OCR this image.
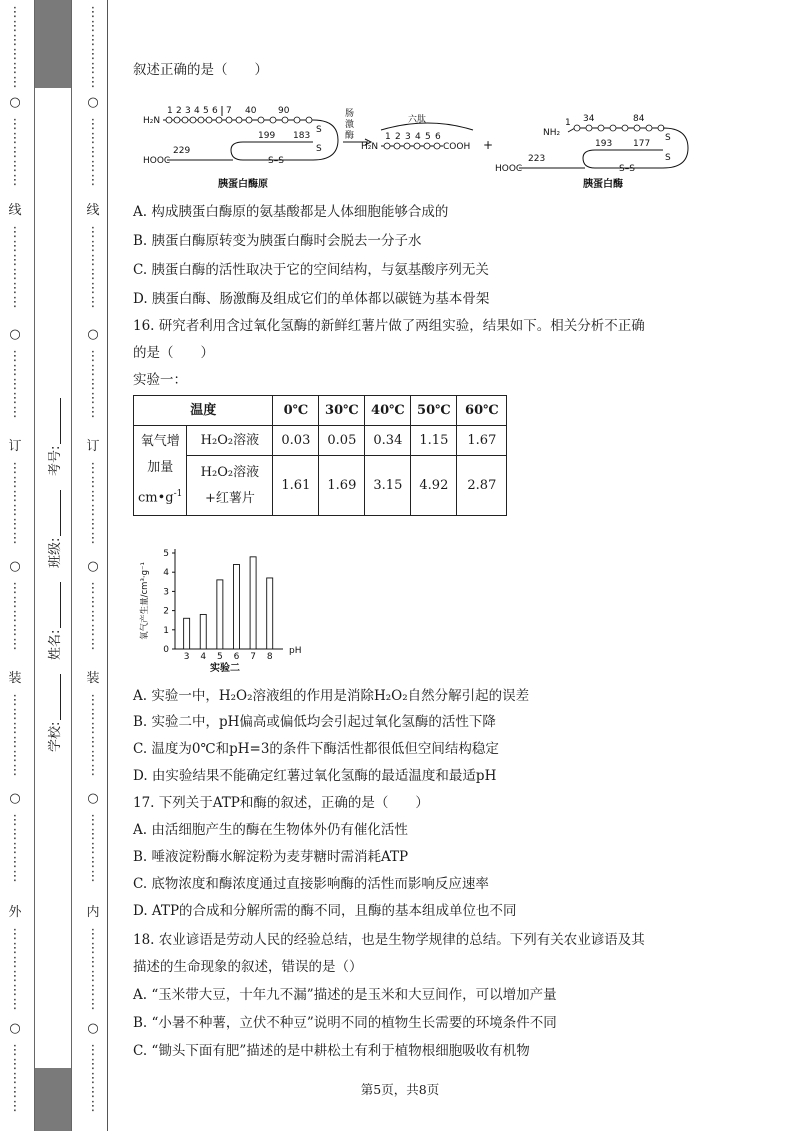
⋮
⋮
⋮
⋮
⋮
⋮
○
⋮
⋮
⋮
⋮
⋮
线
⋮
⋮
⋮
⋮
⋮
⋮
○
⋮
⋮
⋮
⋮
⋮
订
⋮
⋮
⋮
⋮
⋮
⋮
○
⋮
⋮
⋮
⋮
⋮
装
⋮
⋮
⋮
⋮
⋮
⋮
○
⋮
⋮
⋮
⋮
⋮
外
⋮
⋮
⋮
⋮
⋮
⋮
○
⋮
⋮
⋮
⋮
⋮
学校:
姓名:
班级:
考号:
⋮
⋮
⋮
⋮
⋮
⋮
○
⋮
⋮
⋮
⋮
⋮
线
⋮
⋮
⋮
⋮
⋮
⋮
○
⋮
⋮
⋮
⋮
⋮
订
⋮
⋮
⋮
⋮
⋮
⋮
○
⋮
⋮
⋮
⋮
⋮
装
⋮
⋮
⋮
⋮
⋮
⋮
○
⋮
⋮
⋮
⋮
⋮
内
⋮
⋮
⋮
⋮
⋮
⋮
○
⋮
⋮
⋮
⋮
⋮
叙述正确的是（　　）
H₂N
1 2 3 4 5 6 7 40 90
S
S
199 183
S–S
HOOC
229
胰蛋白酶原
肠
激
酶
六肽
H₂N
1 2 3 4 5 6
COOH +
NH₂
1 34	84
S
S
193 177
S–S
HOOC
223
胰蛋白酶
A. 构成胰蛋白酶原的氨基酸都是人体细胞能够合成的
B. 胰蛋白酶原转变为胰蛋白酶时会脱去一分子水
C. 胰蛋白酶的活性取决于它的空间结构，与氨基酸序列无关
D. 胰蛋白酶、肠激酶及组成它们的单体都以碳链为基本骨架
16. 研究者利用含过氧化氢酶的新鲜红薯片做了两组实验，结果如下。相关分析不正确
的是（　　）
实验一：
温度		0℃	30℃	40℃	50℃	60℃
氧气增
加量
$cm•g^{-1}$	H₂O₂溶液	0.03	0.05	0.34	1.15	1.67
	H₂O₂溶液
+红薯片	1.61	1.69	3.15	4.92	2.87
0
1
2
3
4
5
3 4 5 6 7 8
pH
实验二
氧气产生量/cm³·g⁻¹
A. 实验一中，H₂O₂溶液组的作用是消除H₂O₂自然分解引起的误差
B. 实验二中，pH偏高或偏低均会引起过氧化氢酶的活性下降
C. 温度为0℃和pH=3的条件下酶活性都很低但空间结构稳定
D. 由实验结果不能确定红薯过氧化氢酶的最适温度和最适pH
17. 下列关于ATP和酶的叙述，正确的是（　　）
A. 由活细胞产生的酶在生物体外仍有催化活性
B. 唾液淀粉酶水解淀粉为麦芽糖时需消耗ATP
C. 底物浓度和酶浓度通过直接影响酶的活性而影响反应速率
D. ATP的合成和分解所需的酶不同，且酶的基本组成单位也不同
18. 农业谚语是劳动人民的经验总结，也是生物学规律的总结。下列有关农业谚语及其
描述的生命现象的叙述，错误的是（）
A. “玉米带大豆，十年九不漏”描述的是玉米和大豆间作，可以增加产量
B. “小暑不种薯，立伏不种豆”说明不同的植物生长需要的环境条件不同
C. “锄头下面有肥”描述的是中耕松土有利于植物根细胞吸收有机物
第5页，共8页
